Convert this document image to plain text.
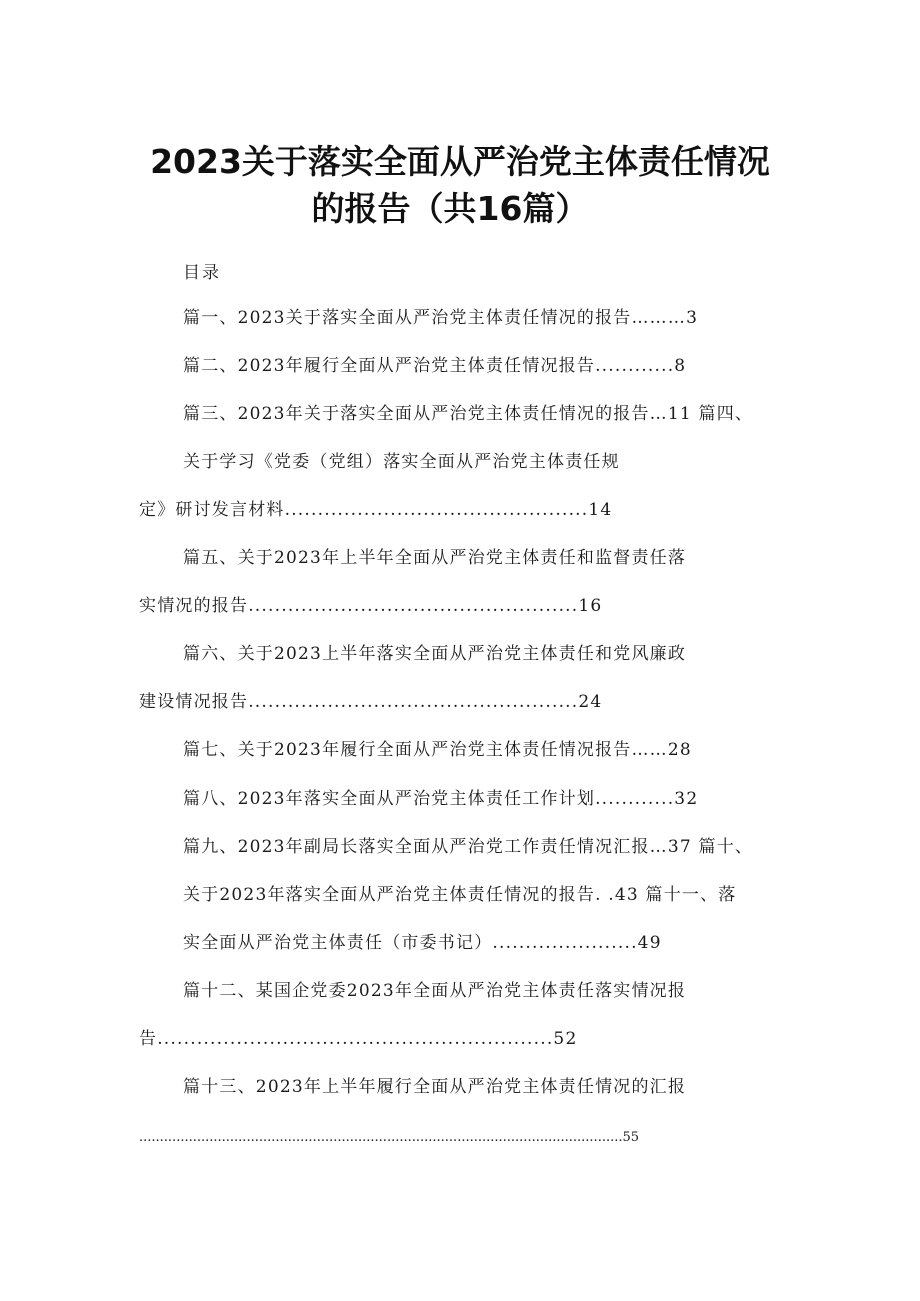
2023关于落实全面从严治党主体责任情况
的报告（共16篇）
目录
篇一、2023关于落实全面从严治党主体责任情况的报告………3
篇二、2023年履行全面从严治党主体责任情况报告............8
篇三、2023年关于落实全面从严治党主体责任情况的报告…11 篇四、
关于学习《党委（党组）落实全面从严治党主体责任规
定》研讨发言材料..............................................14
篇五、关于2023年上半年全面从严治党主体责任和监督责任落
实情况的报告..................................................16
篇六、关于2023上半年落实全面从严治党主体责任和党风廉政
建设情况报告..................................................24
篇七、关于2023年履行全面从严治党主体责任情况报告……28
篇八、2023年落实全面从严治党主体责任工作计划............32
篇九、2023年副局长落实全面从严治党工作责任情况汇报…37 篇十、
关于2023年落实全面从严治党主体责任情况的报告. .43 篇十一、落
实全面从严治党主体责任（市委书记）......................49
篇十二、某国企党委2023年全面从严治党主体责任落实情况报
告............................................................52
篇十三、2023年上半年履行全面从严治党主体责任情况的汇报
.....................................................................................................................55
